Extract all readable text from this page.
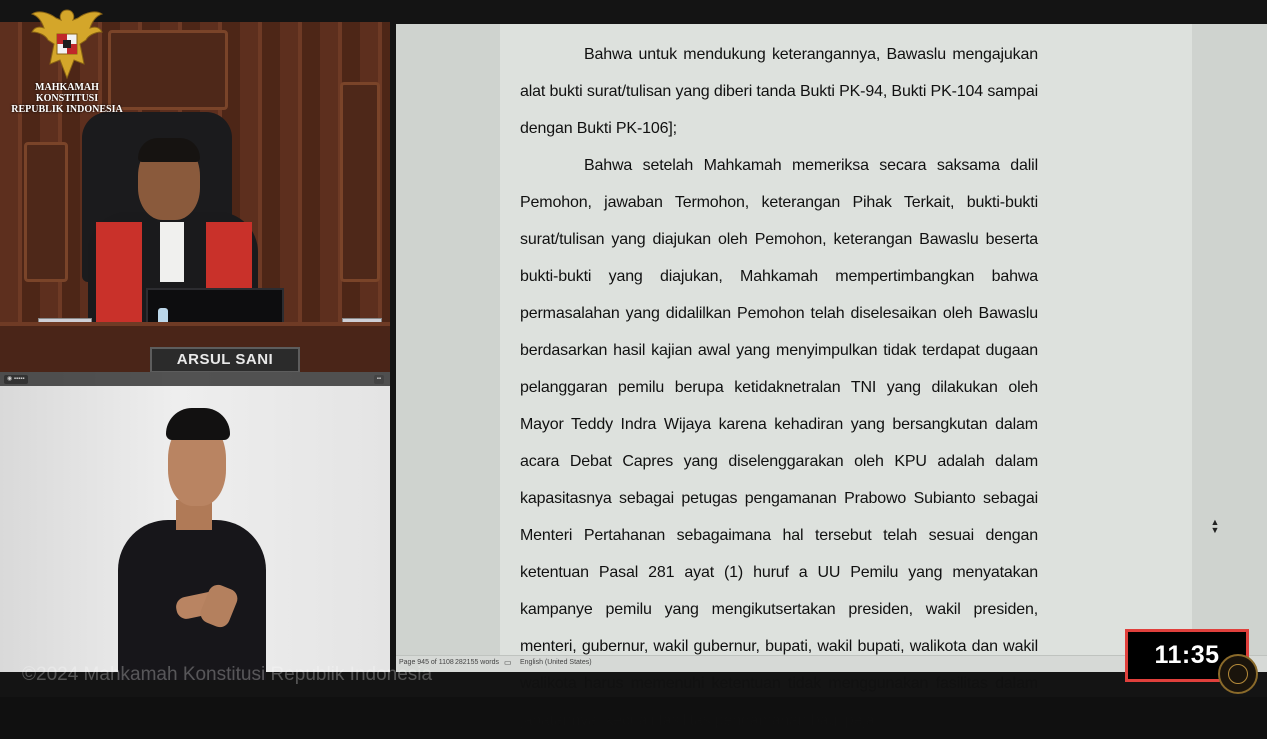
ARSUL SANI
MAHKAMAH KONSTITUSI
REPUBLIK INDONESIA
◉ ▪▪▪▪▪	▪▪

Bahwa untuk mendukung keterangannya, Bawaslu mengajukan alat bukti surat/tulisan yang diberi tanda Bukti PK-94, Bukti PK-104 sampai dengan Bukti PK-106];

Bahwa setelah Mahkamah memeriksa secara saksama dalil Pemohon, jawaban Termohon, keterangan Pihak Terkait, bukti-bukti surat/tulisan yang diajukan oleh Pemohon, keterangan Bawaslu beserta bukti-bukti yang diajukan, Mahkamah mempertimbangkan bahwa permasalahan yang didalilkan Pemohon telah diselesaikan oleh Bawaslu berdasarkan hasil kajian awal yang menyimpulkan tidak terdapat dugaan pelanggaran pemilu berupa ketidaknetralan TNI yang dilakukan oleh Mayor Teddy Indra Wijaya karena kehadiran yang bersangkutan dalam acara Debat Capres yang diselenggarakan oleh KPU adalah dalam kapasitasnya sebagai petugas pengamanan Prabowo Subianto sebagai Menteri Pertahanan sebagaimana hal tersebut telah sesuai dengan ketentuan Pasal 281 ayat (1) huruf a UU Pemilu yang menyatakan kampanye pemilu yang mengikutsertakan presiden, wakil presiden, menteri, gubernur, wakil gubernur, bupati, wakil bupati, walikota dan wakil walikota harus memenuhi ketentuan tidak menggunakan fasilitas dalam jabatannya, kecuali fasilitas pengamanan bagi peja

▲
▼
Page 945 of 1108 282155 words ▭ English (United States)
©2024 Mahkamah Konstitusi Republik Indonesia
11:35
